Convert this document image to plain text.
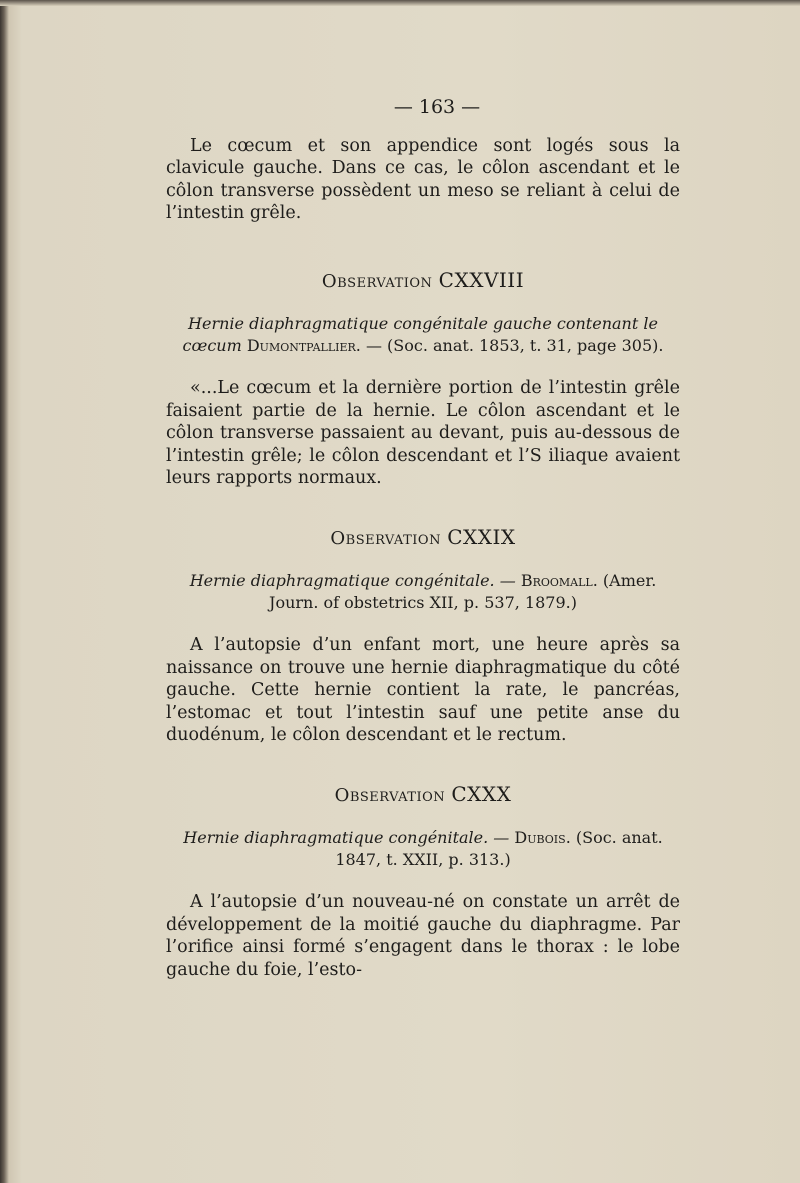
— 163 —

Le cœcum et son appendice sont logés sous la clavicule gauche. Dans ce cas, le côlon ascendant et le côlon transverse possèdent un meso se reliant à celui de l’intestin grêle.

Observation CXXVIII
Hernie diaphragmatique congénitale gauche contenant le cœcum Dumontpallier. — (Soc. anat. 1853, t. 31, page 305).

«...Le cœcum et la dernière portion de l’intestin grêle faisaient partie de la hernie. Le côlon ascendant et le côlon transverse passaient au devant, puis au-dessous de l’intestin grêle; le côlon descendant et l’S iliaque avaient leurs rapports normaux.

Observation CXXIX
Hernie diaphragmatique congénitale. — Broomall. (Amer. Journ. of obstetrics XII, p. 537, 1879.)

A l’autopsie d’un enfant mort, une heure après sa naissance on trouve une hernie diaphragmatique du côté gauche. Cette hernie contient la rate, le pancréas, l’estomac et tout l’intestin sauf une petite anse du duodénum, le côlon descendant et le rectum.

Observation CXXX
Hernie diaphragmatique congénitale. — Dubois. (Soc. anat. 1847, t. XXII, p. 313.)

A l’autopsie d’un nouveau-né on constate un arrêt de développement de la moitié gauche du diaphragme. Par l’orifice ainsi formé s’engagent dans le thorax : le lobe gauche du foie, l’esto-
